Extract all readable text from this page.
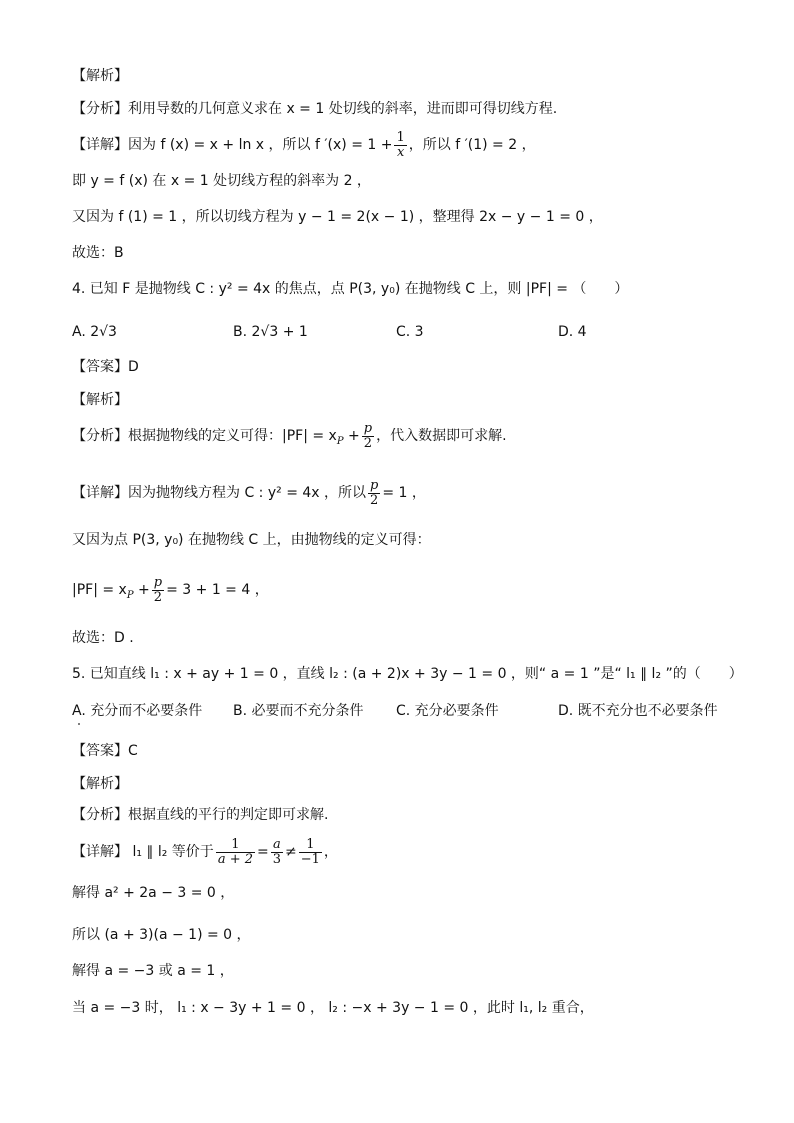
【解析】
【分析】利用导数的几何意义求在 x = 1 处切线的斜率，进而即可得切线方程.
【详解】因为 f (x) = x + ln x ，所以 f $'(x) = 1 + \frac{1}{x}$ ，所以 f ′(1) = 2 ，
即 y = f (x) 在 x = 1 处切线方程的斜率为 2 ，
又因为 f (1) = 1 ，所以切线方程为 y − 1 = 2(x − 1) ，整理得 2x − y − 1 = 0 ，
故选：B
4. 已知 F 是抛物线 C : y² = 4x 的焦点，点 P(3, y₀) 在抛物线 C 上，则 |PF| = （　　）
A. 2√3	B. 2√3 + 1	C. 3	D. 4
【答案】D
【解析】
【分析】根据抛物线的定义可得：$|PF| = x_P + \frac{p}{2}$ ，代入数据即可求解.
【详解】因为抛物线方程为 C : y² = 4x ，所以 $\frac{p}{2} = 1$ ，
又因为点 P(3, y₀) 在抛物线 C 上，由抛物线的定义可得：
$|PF| = x_P + \frac{p}{2} = 3 + 1 = 4$ ，
故选：D .
5. 已知直线 l₁ : x + ay + 1 = 0 ，直线 l₂ : (a + 2)x + 3y − 1 = 0 ，则“ a = 1 ”是“ l₁ ∥ l₂ ”的（　　）
A. 充分而不必要条件 B. 必要而不充分条件 C. 充分必要条件	D. 既不充分也不必要条件
【答案】C
【解析】
【分析】根据直线的平行的判定即可求解.
【详解】 l₁ ∥ l₂ 等价于 $\frac{1}{a + 2} = \frac{a}{3} \ne \frac{1}{-1}$ ，
解得 a² + 2a − 3 = 0 ，
所以 (a + 3)(a − 1) = 0 ，
解得 a = −3 或 a = 1 ，
当 a = −3 时， l₁ : x − 3y + 1 = 0 ， l₂ : −x + 3y − 1 = 0 ，此时 l₁, l₂ 重合，
